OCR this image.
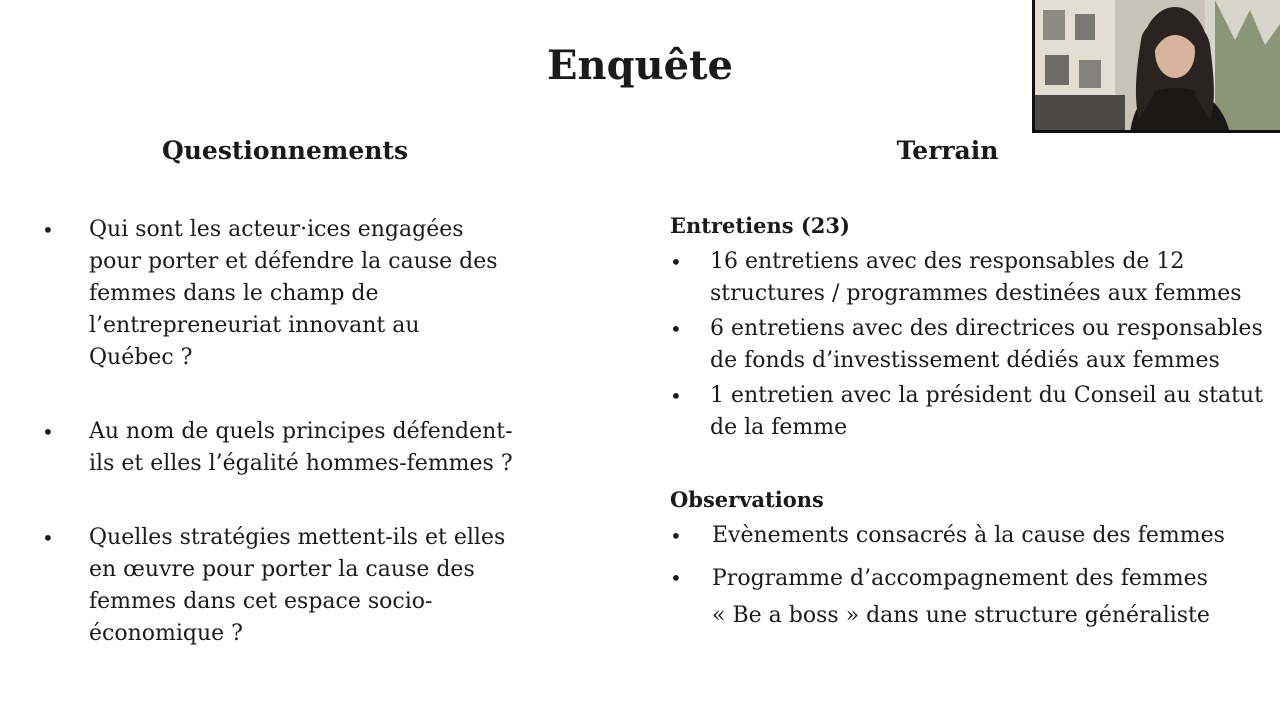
Enquête
Questionnements	Terrain
• Qui sont les acteur·ices engagées pour porter et défendre la cause des femmes dans le champ de l’entrepreneuriat innovant au Québec ?
• Au nom de quels principes défendent-ils et elles l’égalité hommes-femmes ?
• Quelles stratégies mettent-ils et elles en œuvre pour porter la cause des femmes dans cet espace socio-économique ?
Entretiens (23)
• 16 entretiens avec des responsables de 12 structures / programmes destinées aux femmes
• 6 entretiens avec des directrices ou responsables de fonds d’investissement dédiés aux femmes
• 1 entretien avec la président du Conseil au statut de la femme
Observations
• Evènements consacrés à la cause des femmes
• Programme d’accompagnement des femmes « Be a boss » dans une structure généraliste
